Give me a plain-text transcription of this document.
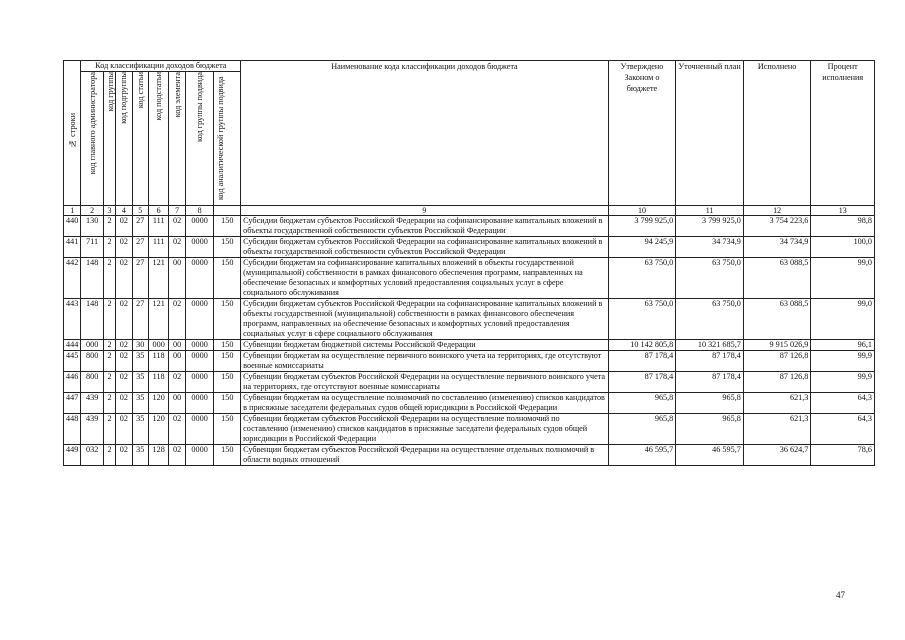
№ строки	Код классификации доходов бюджета								Наименование кода классификации доходов бюджета	Утверждено Законом о бюджете	Уточненный план	Исполнено	Процент исполнения
	код главного администратора	код группы	код подгруппы	код статьи	код подстатьи	код элемента	код группы подвида	код аналитической группы подвида					
1	2	3	4	5	6	7	8		9	10	11	12	13
440	130	2	02	27	111	02	0000	150	Субсидии бюджетам субъектов Российской Федерации на софинансирование капитальных вложений в объекты государственной собственности субъектов Российской Федерации	3 799 925,0	3 799 925,0	3 754 223,6	98,8
441	711	2	02	27	111	02	0000	150	Субсидии бюджетам субъектов Российской Федерации на софинансирование капитальных вложений в объекты государственной собственности субъектов Российской Федерации	94 245,9	34 734,9	34 734,9	100,0
442	148	2	02	27	121	00	0000	150	Субсидии бюджетам на софинансирование капитальных вложений в объекты государственной (муниципальной) собственности в рамках финансового обеспечения программ, направленных на обеспечение безопасных и комфортных условий предоставления социальных услуг в сфере социального обслуживания	63 750,0	63 750,0	63 088,5	99,0
443	148	2	02	27	121	02	0000	150	Субсидии бюджетам субъектов Российской Федерации на софинансирование капитальных вложений в объекты государственной (муниципальной) собственности в рамках финансового обеспечения программ, направленных на обеспечение безопасных и комфортных условий предоставления социальных услуг в сфере социального обслуживания	63 750,0	63 750,0	63 088,5	99,0
444	000	2	02	30	000	00	0000	150	Субвенции бюджетам бюджетной системы Российской Федерации	10 142 805,8	10 321 685,7	9 915 026,9	96,1
445	800	2	02	35	118	00	0000	150	Субвенции бюджетам на осуществление первичного воинского учета на территориях, где отсутствуют военные комиссариаты	87 178,4	87 178,4	87 126,8	99,9
446	800	2	02	35	118	02	0000	150	Субвенции бюджетам субъектов Российской Федерации на осуществление первичного воинского учета на территориях, где отсутствуют военные комиссариаты	87 178,4	87 178,4	87 126,8	99,9
447	439	2	02	35	120	00	0000	150	Субвенции бюджетам на осуществление полномочий по составлению (изменению) списков кандидатов в присяжные заседатели федеральных судов общей юрисдикции в Российской Федерации	965,8	965,8	621,3	64,3
448	439	2	02	35	120	02	0000	150	Субвенции бюджетам субъектов Российской Федерации на осуществление полномочий по составлению (изменению) списков кандидатов в присяжные заседатели федеральных судов общей юрисдикции в Российской Федерации	965,8	965,8	621,3	64,3
449	032	2	02	35	128	02	0000	150	Субвенции бюджетам субъектов Российской Федерации на осуществление отдельных полномочий в области водных отношений	46 595,7	46 595,7	36 624,7	78,6
47
